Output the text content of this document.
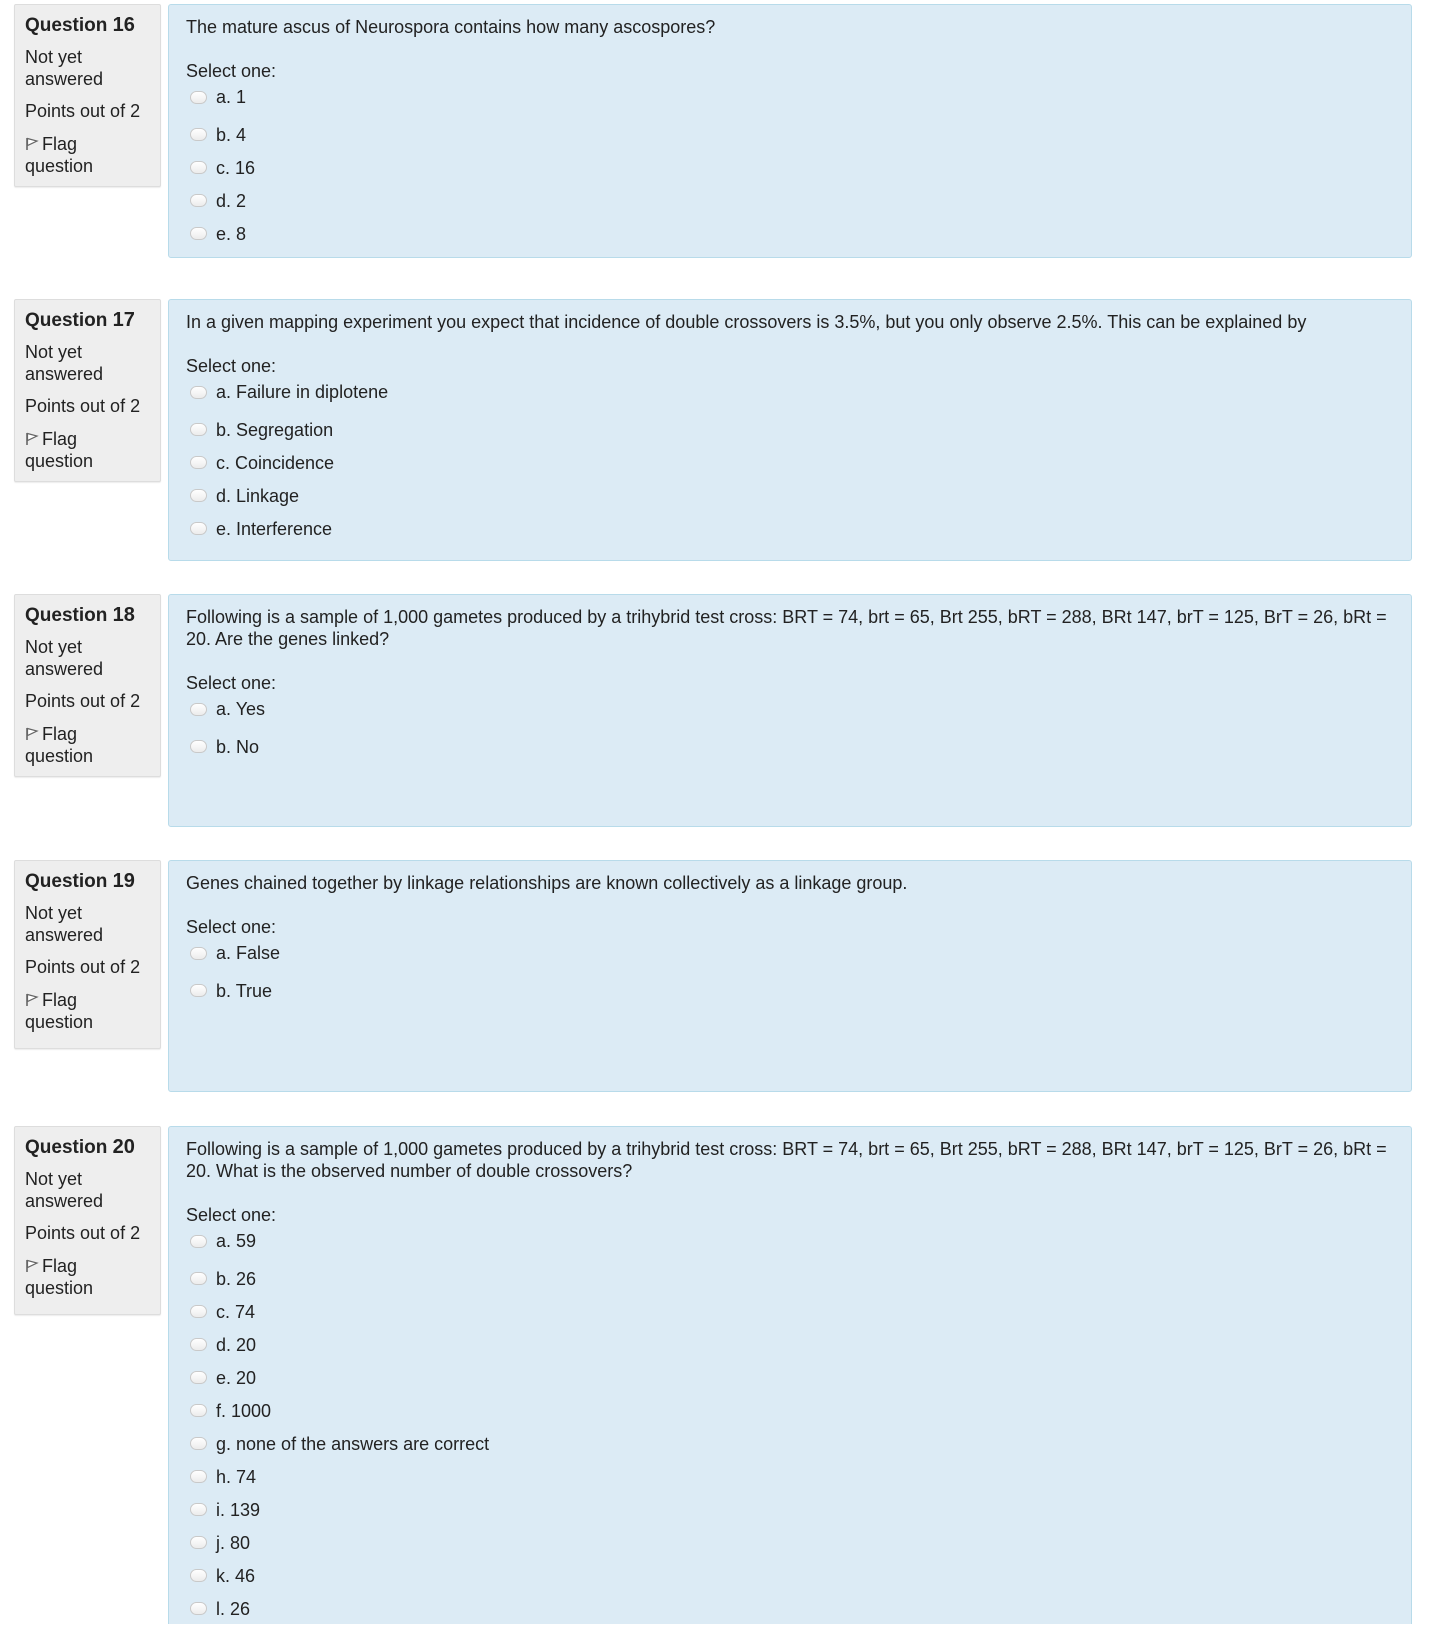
Question 16
Not yet answered
Points out of 2
Flag question
The mature ascus of Neurospora contains how many ascospores?
Select one:
a. 1
b. 4
c. 16
d. 2
e. 8
Question 17
Not yet answered
Points out of 2
Flag question
In a given mapping experiment you expect that incidence of double crossovers is 3.5%, but you only observe 2.5%. This can be explained by
Select one:
a. Failure in diplotene
b. Segregation
c. Coincidence
d. Linkage
e. Interference
Question 18
Not yet answered
Points out of 2
Flag question
Following is a sample of 1,000 gametes produced by a trihybrid test cross: BRT = 74, brt = 65, Brt 255, bRT = 288, BRt 147, brT = 125, BrT = 26, bRt = 20. Are the genes linked?
Select one:
a. Yes
b. No
Question 19
Not yet answered
Points out of 2
Flag question
Genes chained together by linkage relationships are known collectively as a linkage group.
Select one:
a. False
b. True
Question 20
Not yet answered
Points out of 2
Flag question
Following is a sample of 1,000 gametes produced by a trihybrid test cross: BRT = 74, brt = 65, Brt 255, bRT = 288, BRt 147, brT = 125, BrT = 26, bRt = 20. What is the observed number of double crossovers?
Select one:
a. 59
b. 26
c. 74
d. 20
e. 20
f. 1000
g. none of the answers are correct
h. 74
i. 139
j. 80
k. 46
l. 26
